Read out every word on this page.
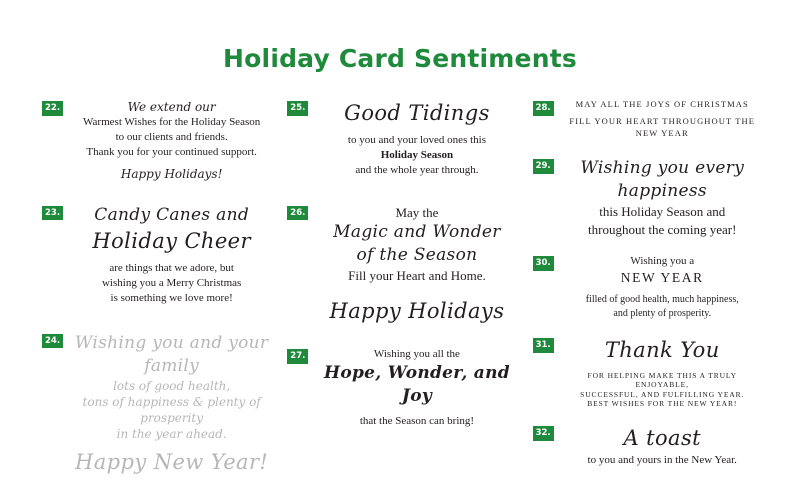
Holiday Card Sentiments
22.	We extend our
Warmest Wishes for the Holiday Season
to our clients and friends.
Thank you for your continued support.
Happy Holidays!
23.	Candy Canes and
Holiday Cheer
are things that we adore, but
wishing you a Merry Christmas
is something we love more!
24. Wishing you and your family
lots of good health,
tons of happiness & plenty of prosperity
in the year ahead.
Happy New Year!
25.	Good Tidings
to you and your loved ones this
Holiday Season
and the whole year through.
26.	May the
Magic and Wonder
of the Season
Fill your Heart and Home.
Happy Holidays
27.	Wishing you all the
Hope, Wonder, and Joy
that the Season can bring!
28.	MAY ALL THE JOYS OF CHRISTMAS
FILL YOUR HEART THROUGHOUT THE NEW YEAR
29.	Wishing you every happiness
this Holiday Season and
throughout the coming year!
30.	Wishing you a
NEW YEAR
filled of good health, much happiness,
and plenty of prosperity.
31.	Thank You
FOR HELPING MAKE THIS A TRULY ENJOYABLE,
SUCCESSFUL, AND FULFILLING YEAR.
BEST WISHES FOR THE NEW YEAR!
32.	A toast
to you and yours in the New Year.
